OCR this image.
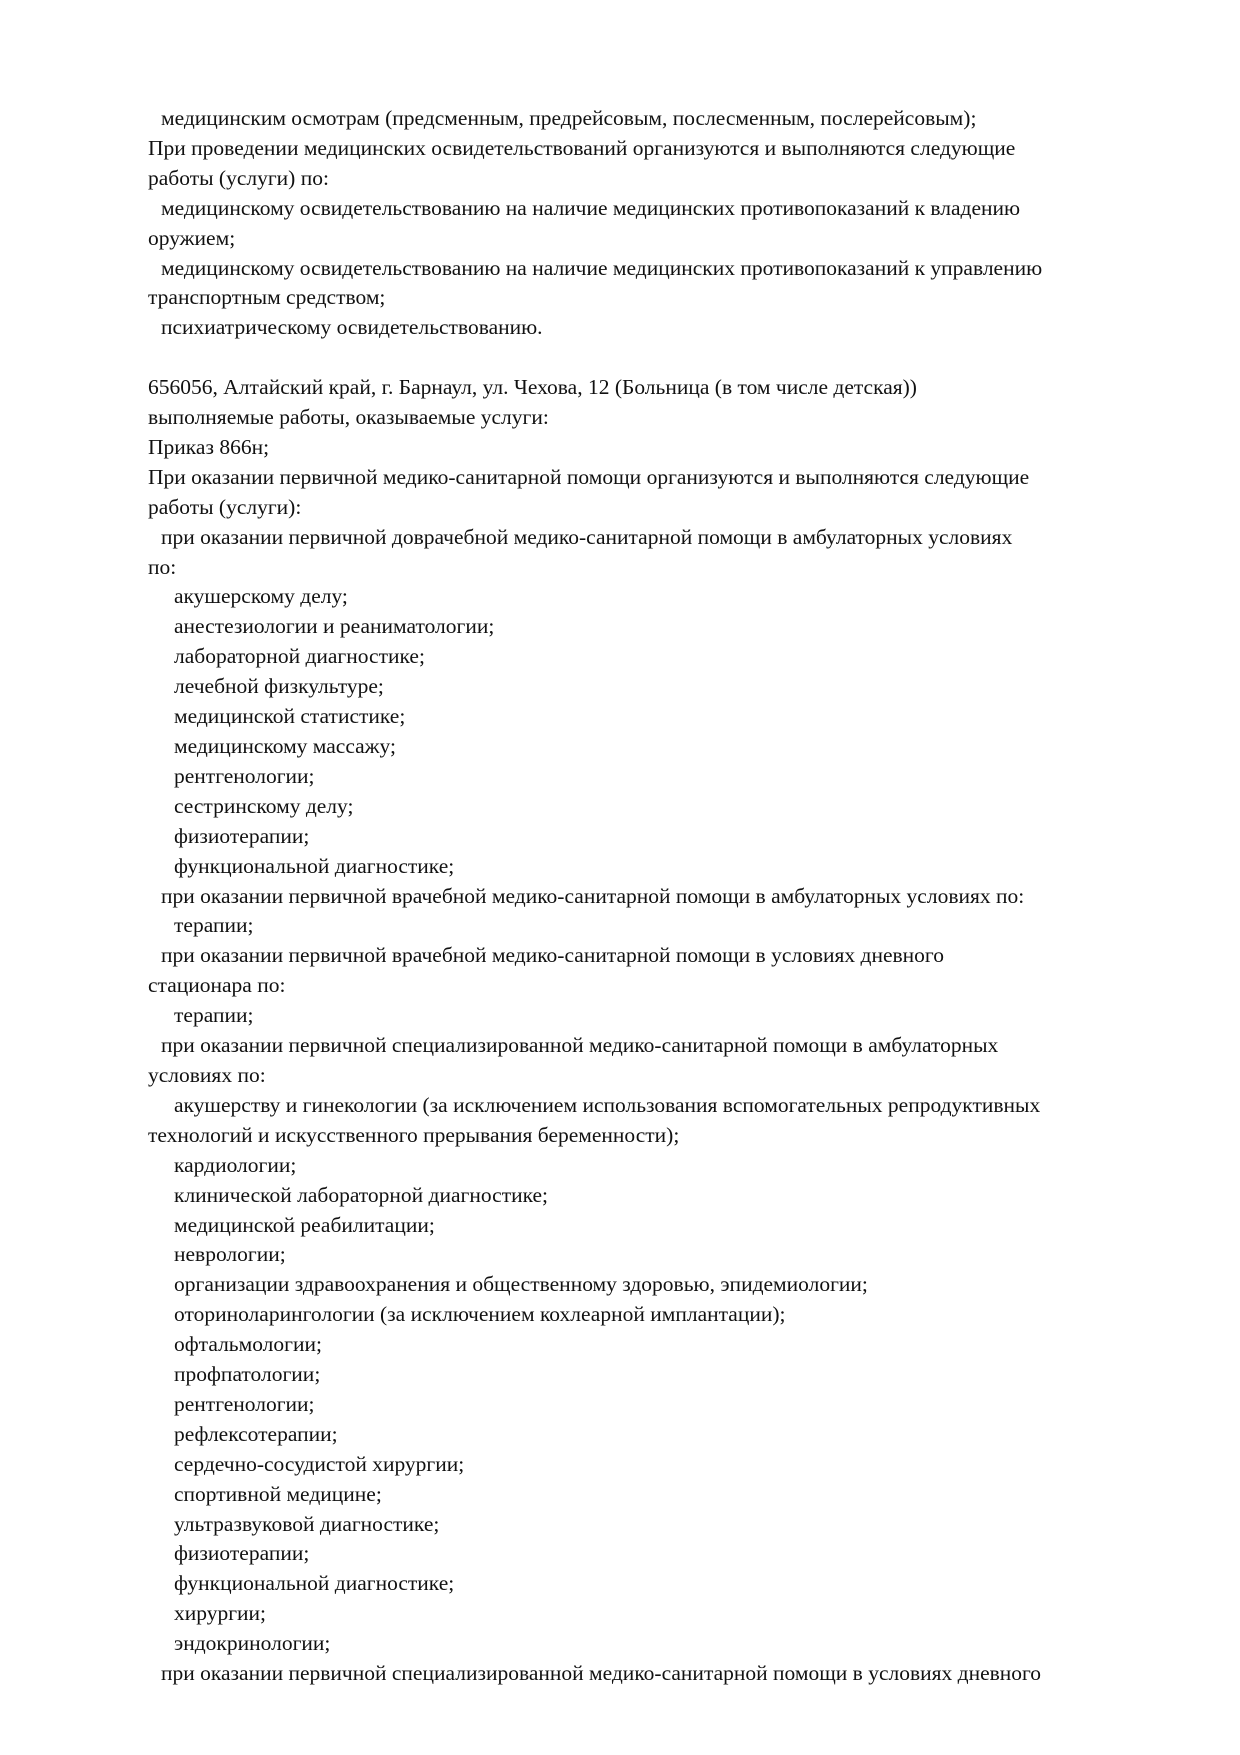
медицинским осмотрам (предсменным, предрейсовым, послесменным, послерейсовым);
При проведении медицинских освидетельствований организуются и выполняются следующие
работы (услуги) по:
медицинскому освидетельствованию на наличие медицинских противопоказаний к владению
оружием;
медицинскому освидетельствованию на наличие медицинских противопоказаний к управлению
транспортным средством;
психиатрическому освидетельствованию.
656056, Алтайский край, г. Барнаул, ул. Чехова, 12 (Больница (в том числе детская))
выполняемые работы, оказываемые услуги:
Приказ 866н;
При оказании первичной медико-санитарной помощи организуются и выполняются следующие
работы (услуги):
при оказании первичной доврачебной медико-санитарной помощи в амбулаторных условиях
по:
акушерскому делу;
анестезиологии и реаниматологии;
лабораторной диагностике;
лечебной физкультуре;
медицинской статистике;
медицинскому массажу;
рентгенологии;
сестринскому делу;
физиотерапии;
функциональной диагностике;
при оказании первичной врачебной медико-санитарной помощи в амбулаторных условиях по:
терапии;
при оказании первичной врачебной медико-санитарной помощи в условиях дневного
стационара по:
терапии;
при оказании первичной специализированной медико-санитарной помощи в амбулаторных
условиях по:
акушерству и гинекологии (за исключением использования вспомогательных репродуктивных
технологий и искусственного прерывания беременности);
кардиологии;
клинической лабораторной диагностике;
медицинской реабилитации;
неврологии;
организации здравоохранения и общественному здоровью, эпидемиологии;
оториноларингологии (за исключением кохлеарной имплантации);
офтальмологии;
профпатологии;
рентгенологии;
рефлексотерапии;
сердечно-сосудистой хирургии;
спортивной медицине;
ультразвуковой диагностике;
физиотерапии;
функциональной диагностике;
хирургии;
эндокринологии;
при оказании первичной специализированной медико-санитарной помощи в условиях дневного
